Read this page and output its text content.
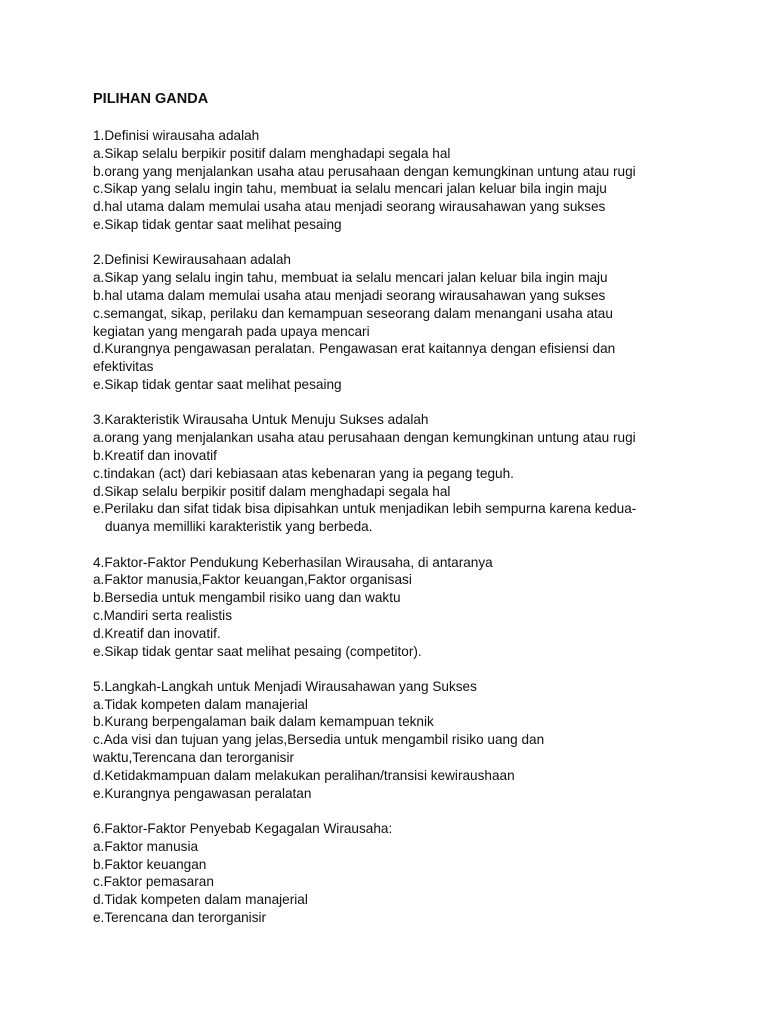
PILIHAN GANDA

1.Definisi wirausaha adalah

a.Sikap selalu berpikir positif dalam menghadapi segala hal

b.orang yang menjalankan usaha atau perusahaan dengan kemungkinan untung atau rugi

c.Sikap yang selalu ingin tahu, membuat ia selalu mencari jalan keluar bila ingin maju

d.hal utama dalam memulai usaha atau menjadi seorang wirausahawan yang sukses

e.Sikap tidak gentar saat melihat pesaing

2.Definisi Kewirausahaan adalah

a.Sikap yang selalu ingin tahu, membuat ia selalu mencari jalan keluar bila ingin maju

b.hal utama dalam memulai usaha atau menjadi seorang wirausahawan yang sukses

c.semangat, sikap, perilaku dan kemampuan seseorang dalam menangani usaha atau

kegiatan yang mengarah pada upaya mencari

d.Kurangnya pengawasan peralatan. Pengawasan erat kaitannya dengan efisiensi dan

efektivitas

e.Sikap tidak gentar saat melihat pesaing

3.Karakteristik Wirausaha Untuk Menuju Sukses adalah

a.orang yang menjalankan usaha atau perusahaan dengan kemungkinan untung atau rugi

b.Kreatif dan inovatif

c.tindakan (act) dari kebiasaan atas kebenaran yang ia pegang teguh.

d.Sikap selalu berpikir positif dalam menghadapi segala hal

e.Perilaku dan sifat tidak bisa dipisahkan untuk menjadikan lebih sempurna karena kedua-

duanya memilliki karakteristik yang berbeda.

4.Faktor-Faktor Pendukung Keberhasilan Wirausaha, di antaranya

a.Faktor manusia,Faktor keuangan,Faktor organisasi

b.Bersedia untuk mengambil risiko uang dan waktu

c.Mandiri serta realistis

d.Kreatif dan inovatif.

e.Sikap tidak gentar saat melihat pesaing (competitor).

5.Langkah-Langkah untuk Menjadi Wirausahawan yang Sukses

a.Tidak kompeten dalam manajerial

b.Kurang berpengalaman baik dalam kemampuan teknik

c.Ada visi dan tujuan yang jelas,Bersedia untuk mengambil risiko uang dan

waktu,Terencana dan terorganisir

d.Ketidakmampuan dalam melakukan peralihan/transisi kewiraushaan

e.Kurangnya pengawasan peralatan

6.Faktor-Faktor Penyebab Kegagalan Wirausaha:

a.Faktor manusia

b.Faktor keuangan

c.Faktor pemasaran

d.Tidak kompeten dalam manajerial

e.Terencana dan terorganisir
